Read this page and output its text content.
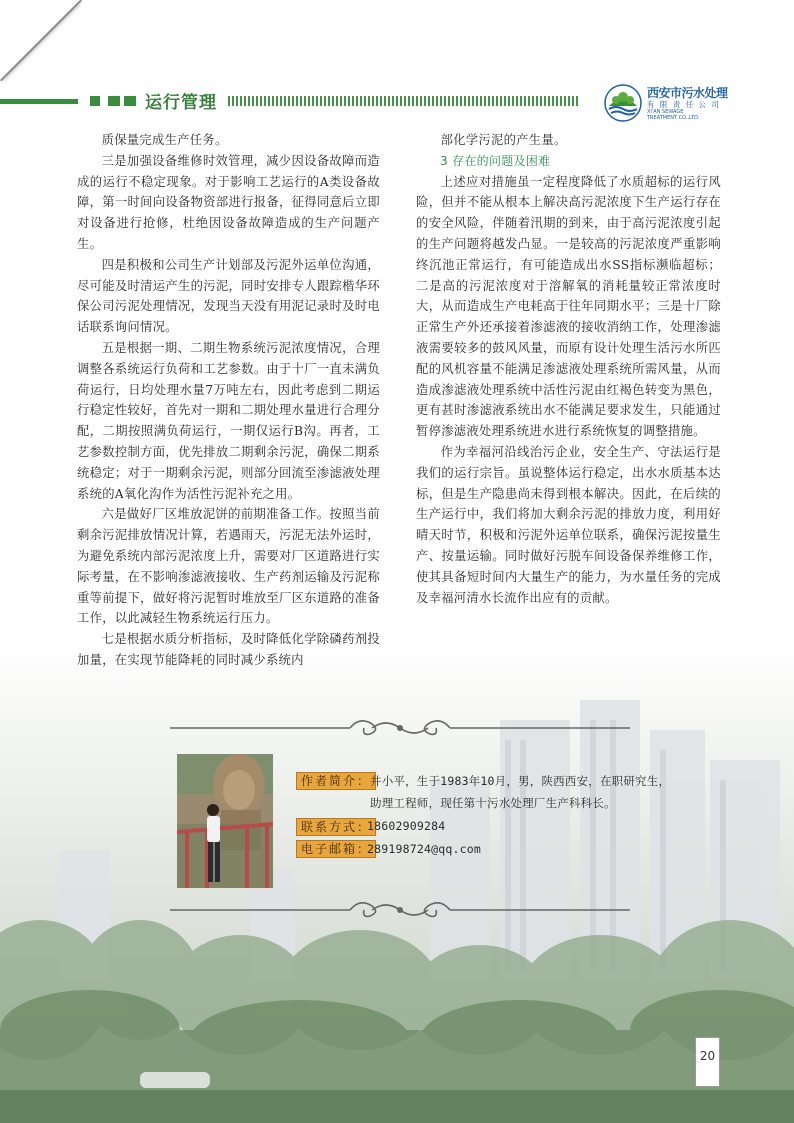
运行管理	西安市污水处理
有 限 责 任 公 司
XI'AN SEWAGE
TREATMENT CO.,LTD.

质保量完成生产任务。

三是加强设备维修时效管理，减少因设备故障而造成的运行不稳定现象。对于影响工艺运行的A类设备故障，第一时间向设备物资部进行报备，征得同意后立即对设备进行抢修，杜绝因设备故障造成的生产问题产生。

四是积极和公司生产计划部及污泥外运单位沟通，尽可能及时清运产生的污泥，同时安排专人跟踪楷华环保公司污泥处理情况，发现当天没有用泥记录时及时电话联系询问情况。

五是根据一期、二期生物系统污泥浓度情况，合理调整各系统运行负荷和工艺参数。由于十厂一直未满负荷运行，日均处理水量7万吨左右，因此考虑到二期运行稳定性较好，首先对一期和二期处理水量进行合理分配，二期按照满负荷运行，一期仅运行B沟。再者，工艺参数控制方面，优先排放二期剩余污泥，确保二期系统稳定；对于一期剩余污泥，则部分回流至渗滤液处理系统的A氧化沟作为活性污泥补充之用。

六是做好厂区堆放泥饼的前期准备工作。按照当前剩余污泥排放情况计算，若遇雨天，污泥无法外运时，为避免系统内部污泥浓度上升，需要对厂区道路进行实际考量，在不影响渗滤液接收、生产药剂运输及污泥称重等前提下，做好将污泥暂时堆放至厂区东道路的准备工作，以此减轻生物系统运行压力。

七是根据水质分析指标，及时降低化学除磷药剂投加量，在实现节能降耗的同时减少系统内

部化学污泥的产生量。

3 存在的问题及困难

上述应对措施虽一定程度降低了水质超标的运行风险，但并不能从根本上解决高污泥浓度下生产运行存在的安全风险，伴随着汛期的到来，由于高污泥浓度引起的生产问题将越发凸显。一是较高的污泥浓度严重影响终沉池正常运行，有可能造成出水SS指标濒临超标；二是高的污泥浓度对于溶解氧的消耗量较正常浓度时大，从而造成生产电耗高于往年同期水平；三是十厂除正常生产外还承接着渗滤液的接收消纳工作，处理渗滤液需要较多的鼓风风量，而原有设计处理生活污水所匹配的风机容量不能满足渗滤液处理系统所需风量，从而造成渗滤液处理系统中活性污泥由红褐色转变为黑色，更有甚时渗滤液系统出水不能满足要求发生，只能通过暂停渗滤液处理系统进水进行系统恢复的调整措施。

作为幸福河沿线治污企业，安全生产、守法运行是我们的运行宗旨。虽说整体运行稳定，出水水质基本达标，但是生产隐患尚未得到根本解决。因此，在后续的生产运行中，我们将加大剩余污泥的排放力度，利用好晴天时节，积极和污泥外运单位联系，确保污泥按量生产、按量运输。同时做好污脱车间设备保养维修工作，使其具备短时间内大量生产的能力，为水量任务的完成及幸福河清水长流作出应有的贡献。

作者简介：
井小平，生于1983年10月，男，陕西西安，在职研究生，
助理工程师，现任第十污水处理厂生产科科长。
联系方式：
18602909284
电子邮箱：
289198724@qq.com
20
